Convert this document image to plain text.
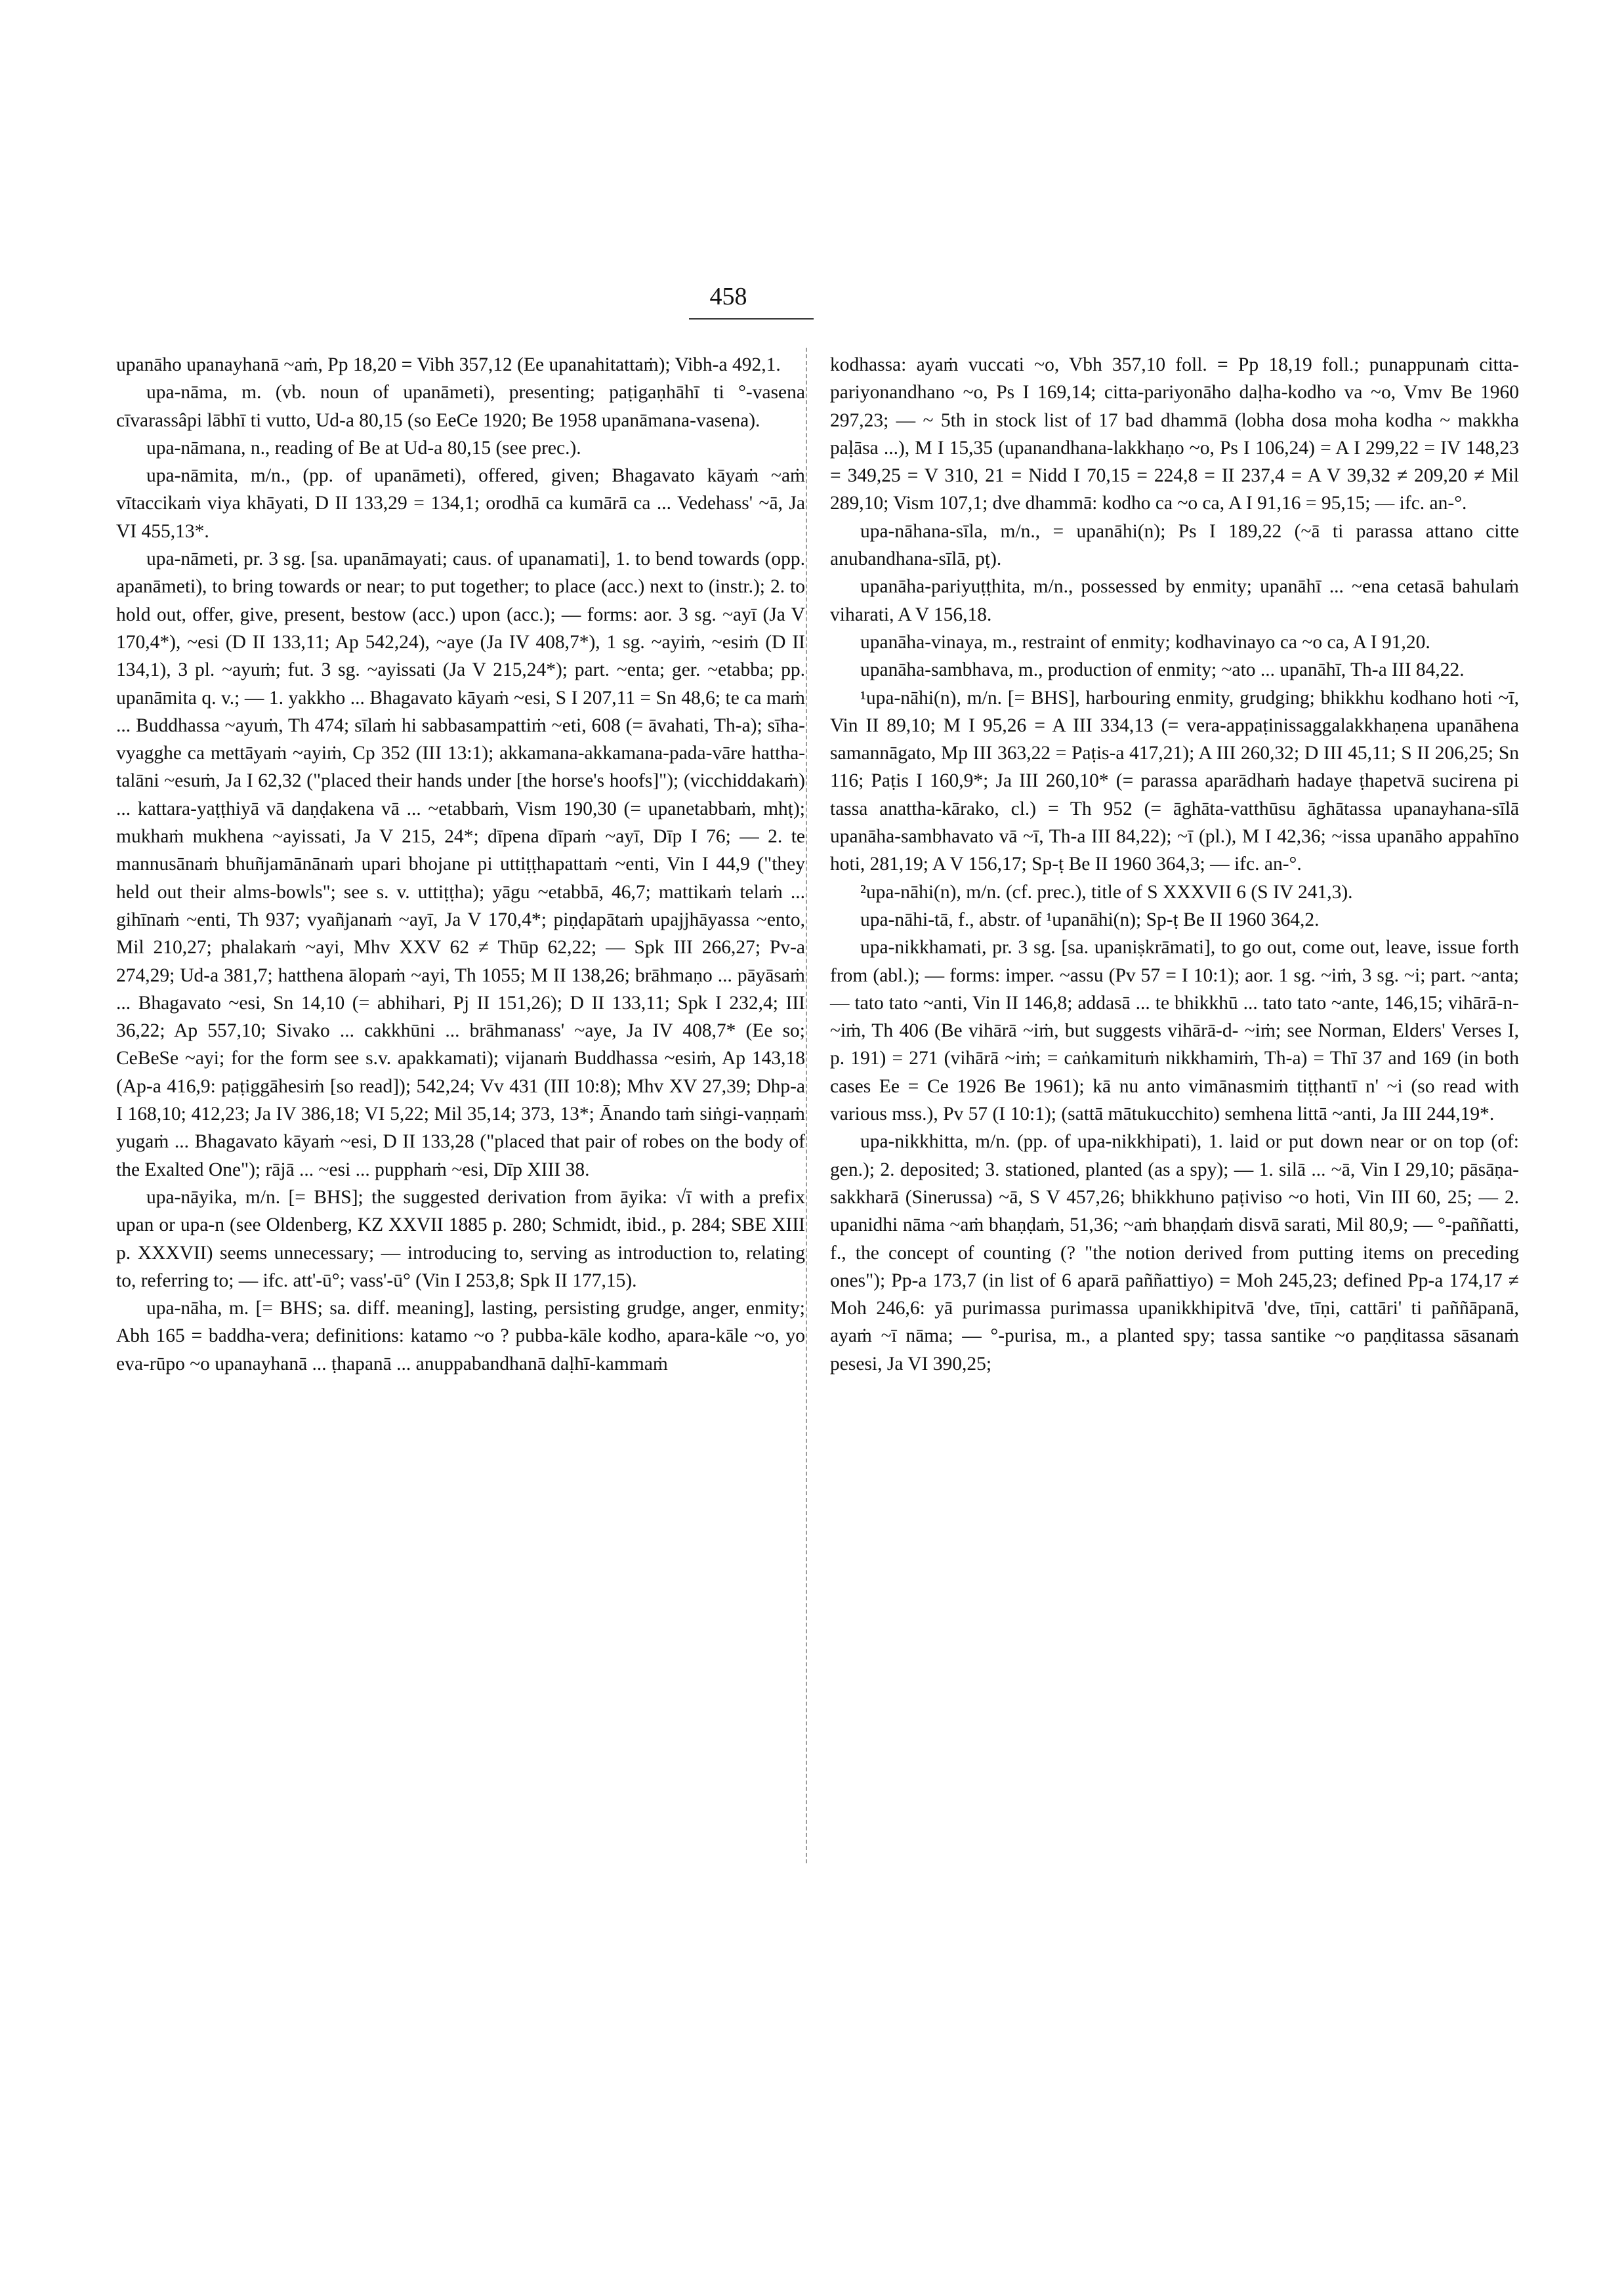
458

upanāho upanayhanā ~aṁ, Pp 18,20 = Vibh 357,12 (Ee upanahitattaṁ); Vibh-a 492,1.

upa-nāma, m. (vb. noun of upanāmeti), presenting; paṭigaṇhāhī ti °-vasena cīvarassâpi lābhī ti vutto, Ud-a 80,15 (so EeCe 1920; Be 1958 upanāmana-vasena).

upa-nāmana, n., reading of Be at Ud-a 80,15 (see prec.).

upa-nāmita, m/n., (pp. of upanāmeti), offered, given; Bhagavato kāyaṁ ~aṁ vītaccikaṁ viya khāyati, D II 133,29 = 134,1; orodhā ca kumārā ca ... Vedehass' ~ā, Ja VI 455,13*.

upa-nāmeti, pr. 3 sg. [sa. upanāmayati; caus. of upanamati], 1. to bend towards (opp. apanāmeti), to bring towards or near; to put together; to place (acc.) next to (instr.); 2. to hold out, offer, give, present, bestow (acc.) upon (acc.); — forms: aor. 3 sg. ~ayī (Ja V 170,4*), ~esi (D II 133,11; Ap 542,24), ~aye (Ja IV 408,7*), 1 sg. ~ayiṁ, ~esiṁ (D II 134,1), 3 pl. ~ayuṁ; fut. 3 sg. ~ayissati (Ja V 215,24*); part. ~enta; ger. ~etabba; pp. upanāmita q. v.; — 1. yakkho ... Bhagavato kāyaṁ ~esi, S I 207,11 = Sn 48,6; te ca maṁ ... Buddhassa ~ayuṁ, Th 474; sīlaṁ hi sabbasampattiṁ ~eti, 608 (= āvahati, Th-a); sīha-vyagghe ca mettāyaṁ ~ayiṁ, Cp 352 (III 13:1); akkamana-akkamana-pada-vāre hattha-talāni ~esuṁ, Ja I 62,32 ("placed their hands under [the horse's hoofs]"); (vicchiddakaṁ) ... kattara-yaṭṭhiyā vā daṇḍakena vā ... ~etabbaṁ, Vism 190,30 (= upanetabbaṁ, mhṭ); mukhaṁ mukhena ~ayissati, Ja V 215, 24*; dīpena dīpaṁ ~ayī, Dīp I 76; — 2. te mannusānaṁ bhuñjamānānaṁ upari bhojane pi uttiṭṭhapattaṁ ~enti, Vin I 44,9 ("they held out their alms-bowls"; see s. v. uttiṭṭha); yāgu ~etabbā, 46,7; mattikaṁ telaṁ ... gihīnaṁ ~enti, Th 937; vyañjanaṁ ~ayī, Ja V 170,4*; piṇḍapātaṁ upajjhāyassa ~ento, Mil 210,27; phalakaṁ ~ayi, Mhv XXV 62 ≠ Thūp 62,22; — Spk III 266,27; Pv-a 274,29; Ud-a 381,7; hatthena ālopaṁ ~ayi, Th 1055; M II 138,26; brāhmaṇo ... pāyāsaṁ ... Bhagavato ~esi, Sn 14,10 (= abhihari, Pj II 151,26); D II 133,11; Spk I 232,4; III 36,22; Ap 557,10; Sivako ... cakkhūni ... brāhmanass' ~aye, Ja IV 408,7* (Ee so; CeBeSe ~ayi; for the form see s.v. apakkamati); vijanaṁ Buddhassa ~esiṁ, Ap 143,18 (Ap-a 416,9: paṭiggāhesiṁ [so read]); 542,24; Vv 431 (III 10:8); Mhv XV 27,39; Dhp-a I 168,10; 412,23; Ja IV 386,18; VI 5,22; Mil 35,14; 373, 13*; Ānando taṁ siṅgi-vaṇṇaṁ yugaṁ ... Bhagavato kāyaṁ ~esi, D II 133,28 ("placed that pair of robes on the body of the Exalted One"); rājā ... ~esi ... pupphaṁ ~esi, Dīp XIII 38.

upa-nāyika, m/n. [= BHS]; the suggested derivation from āyika: √ī with a prefix upan or upa-n (see Oldenberg, KZ XXVII 1885 p. 280; Schmidt, ibid., p. 284; SBE XIII p. XXXVII) seems unnecessary; — introducing to, serving as introduction to, relating to, referring to; — ifc. att'-ū°; vass'-ū° (Vin I 253,8; Spk II 177,15).

upa-nāha, m. [= BHS; sa. diff. meaning], lasting, persisting grudge, anger, enmity; Abh 165 = baddha-vera; definitions: katamo ~o ? pubba-kāle kodho, apara-kāle ~o, yo eva-rūpo ~o upanayhanā ... ṭhapanā ... anuppabandhanā daḷhī-kammaṁ

kodhassa: ayaṁ vuccati ~o, Vbh 357,10 foll. = Pp 18,19 foll.; punappunaṁ citta-pariyonandhano ~o, Ps I 169,14; citta-pariyonāho daḷha-kodho va ~o, Vmv Be 1960 297,23; — ~ 5th in stock list of 17 bad dhammā (lobha dosa moha kodha ~ makkha paḷāsa ...), M I 15,35 (upanandhana-lakkhaṇo ~o, Ps I 106,24) = A I 299,22 = IV 148,23 = 349,25 = V 310, 21 = Nidd I 70,15 = 224,8 = II 237,4 = A V 39,32 ≠ 209,20 ≠ Mil 289,10; Vism 107,1; dve dhammā: kodho ca ~o ca, A I 91,16 = 95,15; — ifc. an-°.

upa-nāhana-sīla, m/n., = upanāhi(n); Ps I 189,22 (~ā ti parassa attano citte anubandhana-sīlā, pṭ).

upanāha-pariyuṭṭhita, m/n., possessed by enmity; upanāhī ... ~ena cetasā bahulaṁ viharati, A V 156,18.

upanāha-vinaya, m., restraint of enmity; kodhavinayo ca ~o ca, A I 91,20.

upanāha-sambhava, m., production of enmity; ~ato ... upanāhī, Th-a III 84,22.

¹upa-nāhi(n), m/n. [= BHS], harbouring enmity, grudging; bhikkhu kodhano hoti ~ī, Vin II 89,10; M I 95,26 = A III 334,13 (= vera-appaṭinissaggalakkhaṇena upanāhena samannāgato, Mp III 363,22 = Paṭis-a 417,21); A III 260,32; D III 45,11; S II 206,25; Sn 116; Paṭis I 160,9*; Ja III 260,10* (= parassa aparādhaṁ hadaye ṭhapetvā sucirena pi tassa anattha-kārako, cl.) = Th 952 (= āghāta-vatthūsu āghātassa upanayhana-sīlā upanāha-sambhavato vā ~ī, Th-a III 84,22); ~ī (pl.), M I 42,36; ~issa upanāho appahīno hoti, 281,19; A V 156,17; Sp-ṭ Be II 1960 364,3; — ifc. an-°.

²upa-nāhi(n), m/n. (cf. prec.), title of S XXXVII 6 (S IV 241,3).

upa-nāhi-tā, f., abstr. of ¹upanāhi(n); Sp-ṭ Be II 1960 364,2.

upa-nikkhamati, pr. 3 sg. [sa. upaniṣkrāmati], to go out, come out, leave, issue forth from (abl.); — forms: imper. ~assu (Pv 57 = I 10:1); aor. 1 sg. ~iṁ, 3 sg. ~i; part. ~anta; — tato tato ~anti, Vin II 146,8; addasā ... te bhikkhū ... tato tato ~ante, 146,15; vihārā-n- ~iṁ, Th 406 (Be vihārā ~iṁ, but suggests vihārā-d- ~iṁ; see Norman, Elders' Verses I, p. 191) = 271 (vihārā ~iṁ; = caṅkamituṁ nikkhamiṁ, Th-a) = Thī 37 and 169 (in both cases Ee = Ce 1926 Be 1961); kā nu anto vimānasmiṁ tiṭṭhantī n' ~i (so read with various mss.), Pv 57 (I 10:1); (sattā mātukucchito) semhena littā ~anti, Ja III 244,19*.

upa-nikkhitta, m/n. (pp. of upa-nikkhipati), 1. laid or put down near or on top (of: gen.); 2. deposited; 3. stationed, planted (as a spy); — 1. silā ... ~ā, Vin I 29,10; pāsāṇa-sakkharā (Sinerussa) ~ā, S V 457,26; bhikkhuno paṭiviso ~o hoti, Vin III 60, 25; — 2. upanidhi nāma ~aṁ bhaṇḍaṁ, 51,36; ~aṁ bhaṇḍaṁ disvā sarati, Mil 80,9; — °-paññatti, f., the concept of counting (? "the notion derived from putting items on preceding ones"); Pp-a 173,7 (in list of 6 aparā paññattiyo) = Moh 245,23; defined Pp-a 174,17 ≠ Moh 246,6: yā purimassa purimassa upanikkhipitvā 'dve, tīṇi, cattāri' ti paññāpanā, ayaṁ ~ī nāma; — °-purisa, m., a planted spy; tassa santike ~o paṇḍitassa sāsanaṁ pesesi, Ja VI 390,25;
